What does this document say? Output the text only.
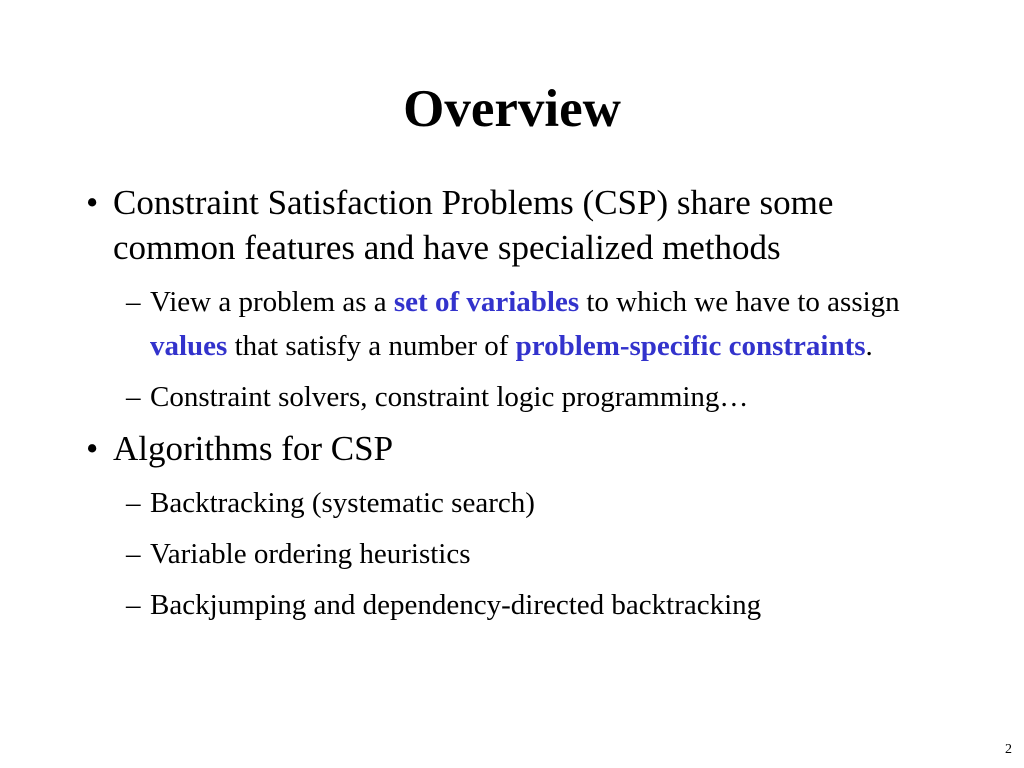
Overview

• Constraint Satisfaction Problems (CSP) share some common features and have specialized methods

– View a problem as a set of variables to which we have to assign values that satisfy a number of problem-specific constraints.

– Constraint solvers, constraint logic programming…

• Algorithms for CSP

– Backtracking (systematic search)

– Variable ordering heuristics

– Backjumping and dependency-directed backtracking

2
